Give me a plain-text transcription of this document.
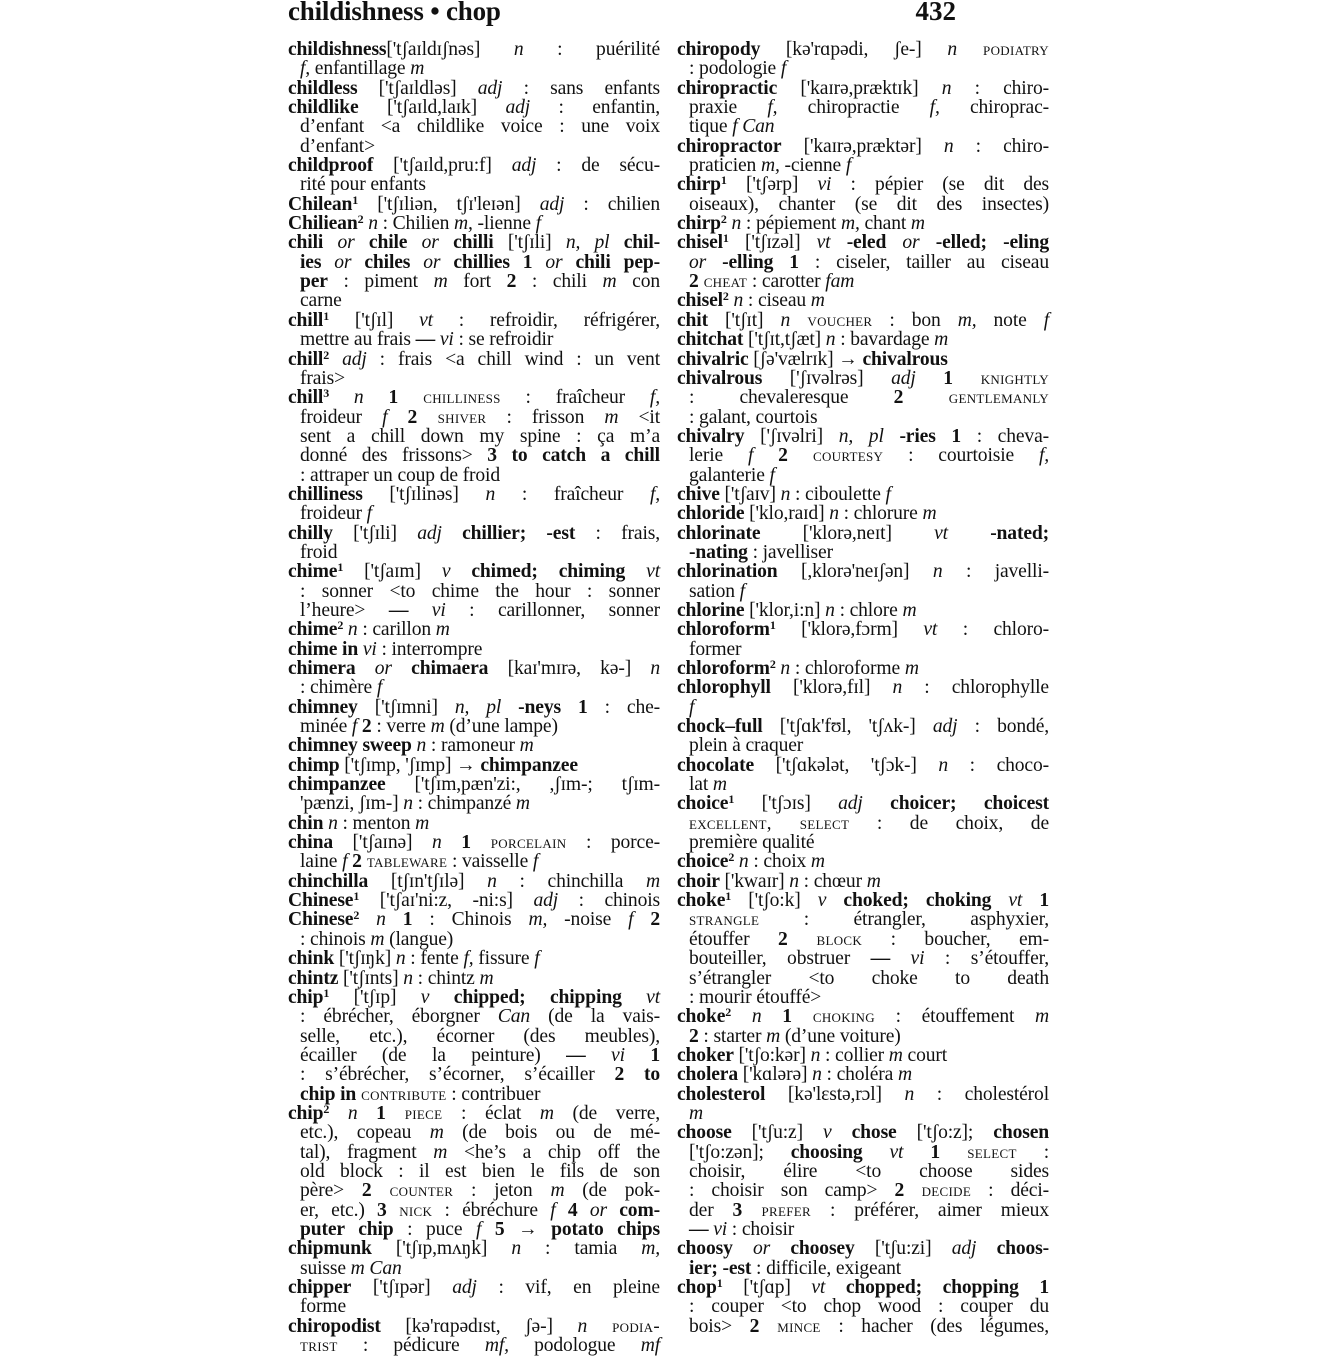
childishness • chop	432
childishness['tʃaɪldɪʃnəs] n : puérilité
f, enfantillage m
childless ['tʃaɪldləs] adj : sans enfants
childlike ['tʃaɪld,laɪk] adj : enfantin,
d’enfant <a childlike voice : une voix
d’enfant>
childproof ['tʃaɪld,pru:f] adj : de sécu-
rité pour enfants
Chilean$^1$ ['tʃɪliən, tʃɪ'leɪən] adj : chilien
Chiliean$^2$ n : Chilien m, -lienne f
chili or chile or chilli ['tʃɪli] n, pl chil-
ies or chiles or chillies 1 or chili pep-
per : piment m fort 2 : chili m con
carne
chill$^1$ ['tʃɪl] vt : refroidir, réfrigérer,
mettre au frais — vi : se refroidir
chill$^2$ adj : frais <a chill wind : un vent
frais>
chill$^3$ n 1 chilliness : fraîcheur f,
froideur f 2 shiver : frisson m <it
sent a chill down my spine : ça m’a
donné des frissons> 3 to catch a chill
: attraper un coup de froid
chilliness ['tʃɪlinəs] n : fraîcheur f,
froideur f
chilly ['tʃɪli] adj chillier; -est : frais,
froid
chime$^1$ ['tʃaɪm] v chimed; chiming vt
: sonner <to chime the hour : sonner
l’heure> — vi : carillonner, sonner
chime$^2$ n : carillon m
chime in vi : interrompre
chimera or chimaera [kaɪ'mɪrə, kə-] n
: chimère f
chimney ['tʃɪmni] n, pl -neys 1 : che-
minée f 2 : verre m (d’une lampe)
chimney sweep n : ramoneur m
chimp ['tʃɪmp, 'ʃɪmp] → chimpanzee
chimpanzee ['tʃɪm,pæn'zi:, ,ʃɪm-; tʃɪm-
'pænzi, ʃɪm-] n : chimpanzé m
chin n : menton m
china ['tʃaɪnə] n 1 porcelain : porce-
laine f 2 tableware : vaisselle f
chinchilla [tʃɪn'tʃɪlə] n : chinchilla m
Chinese$^1$ ['tʃaɪ'ni:z, -ni:s] adj : chinois
Chinese$^2$ n 1 : Chinois m, -noise f 2
: chinois m (langue)
chink ['tʃɪŋk] n : fente f, fissure f
chintz ['tʃɪnts] n : chintz m
chip$^1$ ['tʃɪp] v chipped; chipping vt
: ébrécher, éborgner Can (de la vais-
selle, etc.), écorner (des meubles),
écailler (de la peinture) — vi 1
: s’ébrécher, s’écorner, s’écailler 2 to
chip in contribute : contribuer
chip$^2$ n 1 piece : éclat m (de verre,
etc.), copeau m (de bois ou de mé-
tal), fragment m <he’s a chip off the
old block : il est bien le fils de son
père> 2 counter : jeton m (de pok-
er, etc.) 3 nick : ébréchure f 4 or com-
puter chip : puce f 5 → potato chips
chipmunk ['tʃɪp,mʌŋk] n : tamia m,
suisse m Can
chipper ['tʃɪpər] adj : vif, en pleine
forme
chiropodist [kə'rɑpədɪst, ʃə-] n podia-
trist : pédicure mf, podologue mf
chiropody [kə'rɑpədi, ʃe-] n podiatry
: podologie f
chiropractic ['kaɪrə,præktɪk] n : chiro-
praxie f, chiropractie f, chiroprac-
tique f Can
chiropractor ['kaɪrə,præktər] n : chiro-
praticien m, -cienne f
chirp$^1$ ['tʃərp] vi : pépier (se dit des
oiseaux), chanter (se dit des insectes)
chirp$^2$ n : pépiement m, chant m
chisel$^1$ ['tʃɪzəl] vt -eled or -elled; -eling
or -elling 1 : ciseler, tailler au ciseau
2 cheat : carotter fam
chisel$^2$ n : ciseau m
chit ['tʃɪt] n voucher : bon m, note f
chitchat ['tʃɪt,tʃæt] n : bavardage m
chivalric [ʃə'vælrɪk] → chivalrous
chivalrous ['ʃɪvəlrəs] adj 1 knightly
: chevaleresque 2 gentlemanly
: galant, courtois
chivalry ['ʃɪvəlri] n, pl -ries 1 : cheva-
lerie f 2 courtesy : courtoisie f,
galanterie f
chive ['tʃaɪv] n : ciboulette f
chloride ['klo,raɪd] n : chlorure m
chlorinate ['klorə,neɪt] vt -nated;
-nating : javelliser
chlorination [,klorə'neɪʃən] n : javelli-
sation f
chlorine ['klor,i:n] n : chlore m
chloroform$^1$ ['klorə,fɔrm] vt : chloro-
former
chloroform$^2$ n : chloroforme m
chlorophyll ['klorə,fɪl] n : chlorophylle
f
chock–full ['tʃɑk'fʊl, 'tʃʌk-] adj : bondé,
plein à craquer
chocolate ['tʃɑkələt, 'tʃɔk-] n : choco-
lat m
choice$^1$ ['tʃɔɪs] adj choicer; choicest
excellent, select : de choix, de
première qualité
choice$^2$ n : choix m
choir ['kwaɪr] n : chœur m
choke$^1$ ['tʃo:k] v choked; choking vt 1
strangle : étrangler, asphyxier,
étouffer 2 block : boucher, em-
bouteiller, obstruer — vi : s’étouffer,
s’étrangler <to choke to death
: mourir étouffé>
choke$^2$ n 1 choking : étouffement m
2 : starter m (d’une voiture)
choker ['tʃo:kər] n : collier m court
cholera ['kɑlərə] n : choléra m
cholesterol [kə'lɛstə,rɔl] n : cholestérol
m
choose ['tʃu:z] v chose ['tʃo:z]; chosen
['tʃo:zən]; choosing vt 1 select :
choisir, élire <to choose sides
: choisir son camp> 2 decide : déci-
der 3 prefer : préférer, aimer mieux
— vi : choisir
choosy or choosey ['tʃu:zi] adj choos-
ier; -est : difficile, exigeant
chop$^1$ ['tʃɑp] vt chopped; chopping 1
: couper <to chop wood : couper du
bois> 2 mince : hacher (des légumes,
